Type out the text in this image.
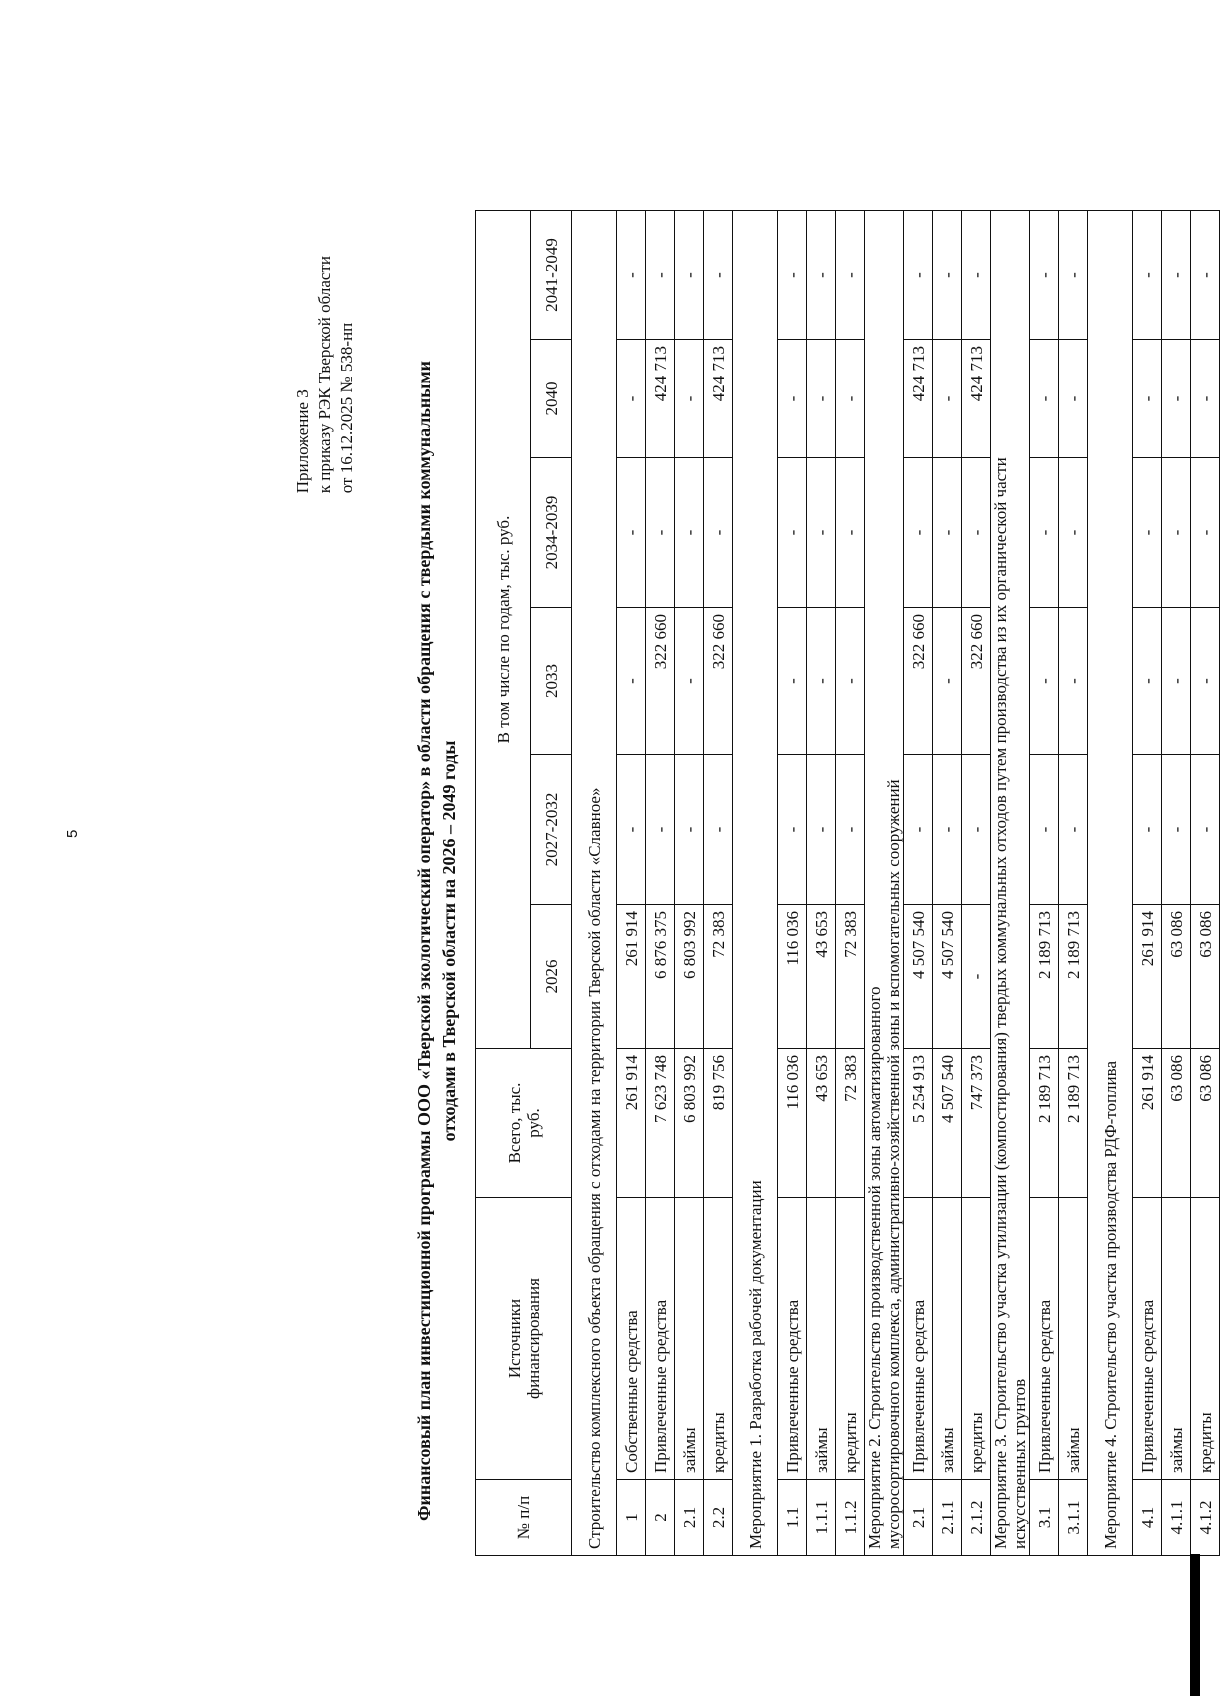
5
Приложение 3 к приказу РЭК Тверской области от 16.12.2025 № 538-нп	Финансовый план инвестиционной программы ООО «Тверской экологический оператор» в области обращения с твердыми коммунальными отходами в Тверской области на 2026 – 2049 годы
№ п/п	Источники финансирования	Всего, тыс. руб.	В том числе по годам, тыс. руб.					
			2026	2027-2032	2033	2034-2039	2040	2041-2049
Строительство комплексного объекта обращения с отходами на территории Тверской области «Славное»								
1	Собственные средства	261 914	261 914	-	-	-	-	-
2	Привлеченные средства	7 623 748	6 876 375	-	322 660	-	424 713	-
2.1	займы	6 803 992	6 803 992	-	-	-	-	-
2.2	кредиты	819 756	72 383	-	322 660	-	424 713	-
Мероприятие 1. Разработка рабочей документации								
1.1	Привлеченные средства	116 036	116 036	-	-	-	-	-
1.1.1	займы	43 653	43 653	-	-	-	-	-
1.1.2	кредиты	72 383	72 383	-	-	-	-	-

Мероприятие 2. Строительство производственной зоны автоматизированного мусоросортировочного комплекса, административно-хозяйственной зоны и вспомогательных сооружений								

2.1	Привлеченные средства	5 254 913	4 507 540	-	322 660	-	424 713	-
2.1.1	займы	4 507 540	4 507 540	-	-	-	-	-
2.1.2	кредиты	747 373	-	-	322 660	-	424 713	-

Мероприятие 3. Строительство участка утилизации (компостирования) твердых коммунальных отходов путем производства из их органической части искусственных грунтов								

3.1	Привлеченные средства	2 189 713	2 189 713	-	-	-	-	-
3.1.1	займы	2 189 713	2 189 713	-	-	-	-	-
Мероприятие 4. Строительство участка производства РДФ-топлива								
4.1	Привлеченные средства	261 914	261 914	-	-	-	-	-
4.1.1	займы	63 086	63 086	-	-	-	-	-
4.1.2	кредиты	63 086	63 086	-	-	-	-	-
